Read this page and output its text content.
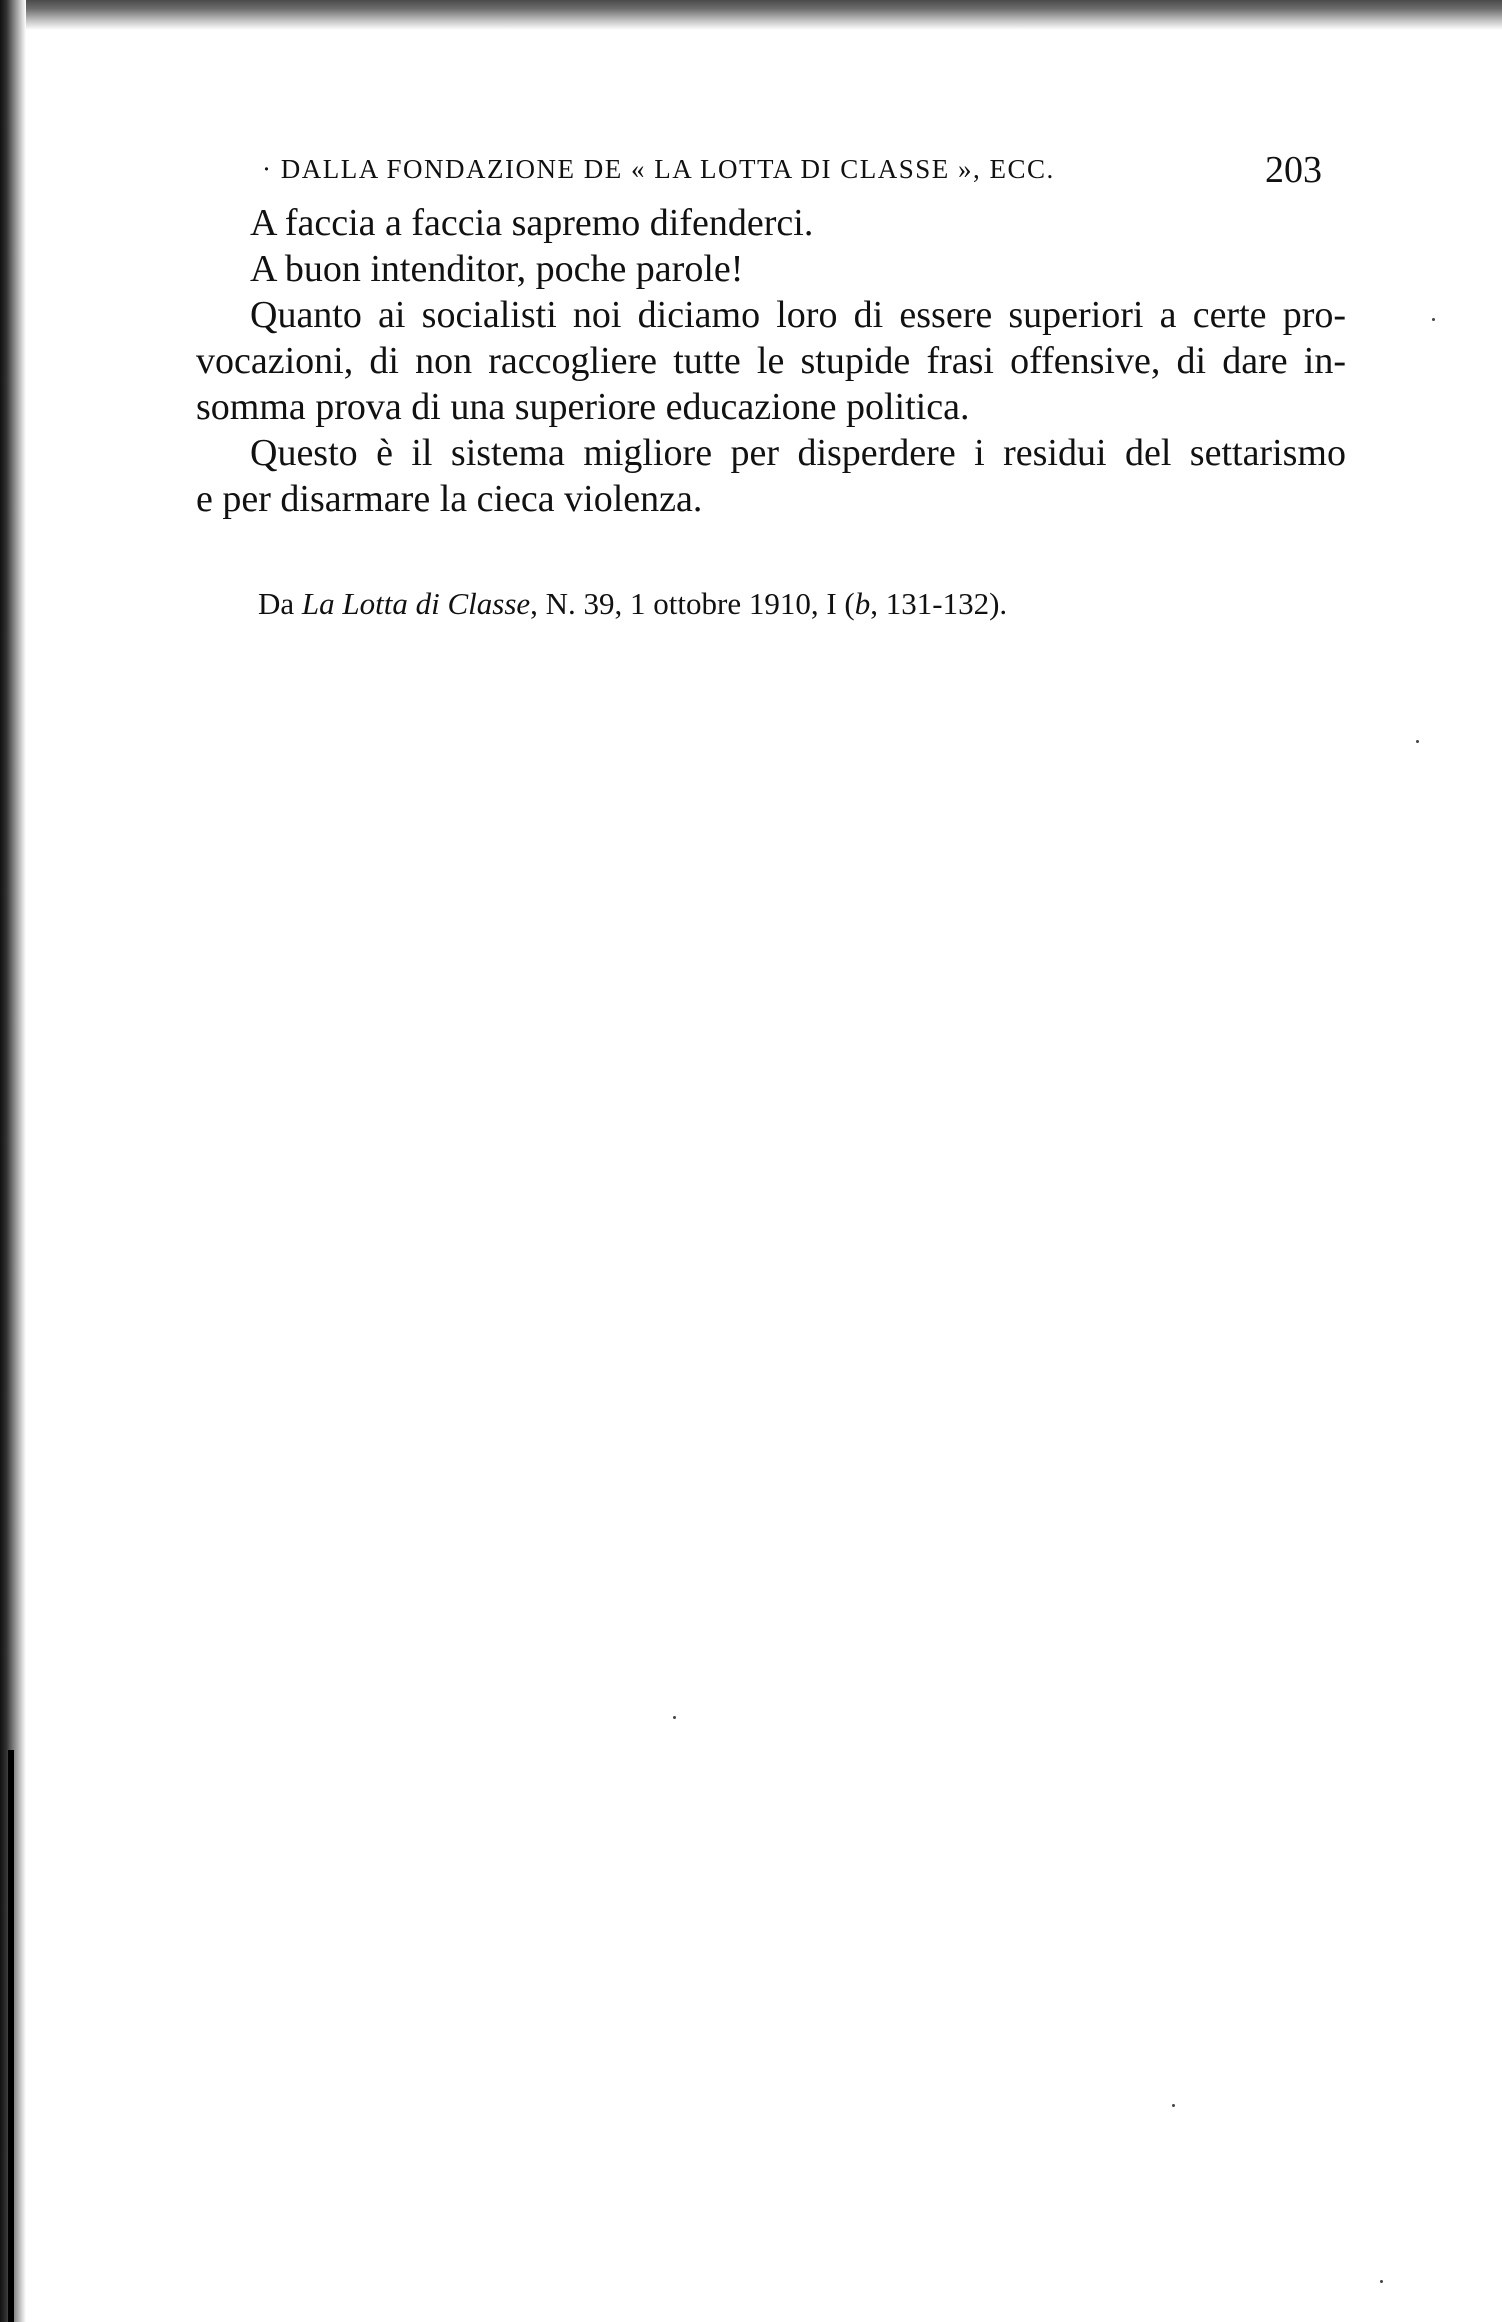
· DALLA FONDAZIONE DE « LA LOTTA DI CLASSE », ECC.	203
A faccia a faccia sapremo difenderci.
A buon intenditor, poche parole!
Quanto ai socialisti noi diciamo loro di essere superiori a certe pro-
vocazioni, di non raccogliere tutte le stupide frasi offensive, di dare in-
somma prova di una superiore educazione politica.
Questo è il sistema migliore per disperdere i residui del settarismo
e per disarmare la cieca violenza.
Da La Lotta di Classe, N. 39, 1 ottobre 1910, I (b, 131-132).
